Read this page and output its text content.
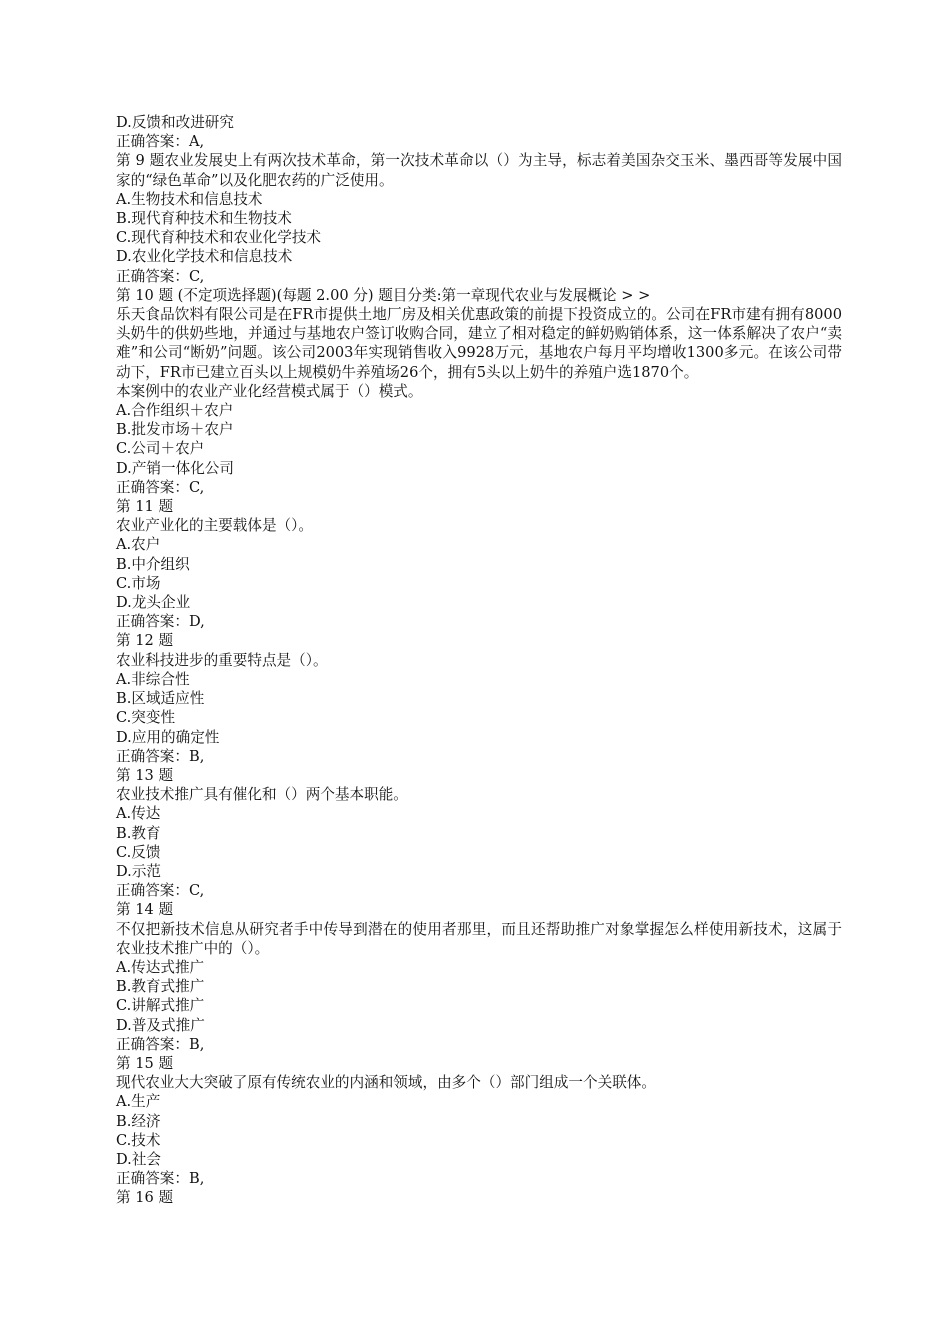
D.反馈和改进研究
正确答案：A,
第 9 题农业发展史上有两次技术革命，第一次技术革命以（）为主导，标志着美国杂交玉米、墨西哥等发展中国家的“绿色革命”以及化肥农药的广泛使用。
A.生物技术和信息技术
B.现代育种技术和生物技术
C.现代育种技术和农业化学技术
D.农业化学技术和信息技术
正确答案：C,
第 10 题 (不定项选择题)(每题 2.00 分) 题目分类:第一章现代农业与发展概论 > >
乐天食品饮料有限公司是在FR市提供土地厂房及相关优惠政策的前提下投资成立的。公司在FR市建有拥有8000头奶牛的供奶些地，并通过与基地农户签订收购合同，建立了相对稳定的鲜奶购销体系，这一体系解决了农户“卖难”和公司“断奶”问题。该公司2003年实现销售收入9928万元，基地农户每月平均增收1300多元。在该公司带动下，FR市已建立百头以上规模奶牛养殖场26个，拥有5头以上奶牛的养殖户选1870个。
本案例中的农业产业化经营模式属于（）模式。
A.合作组织＋农户
B.批发市场＋农户
C.公司＋农户
D.产销一体化公司
正确答案：C,
第 11 题
农业产业化的主要载体是（）。
A.农户
B.中介组织
C.市场
D.龙头企业
正确答案：D,
第 12 题
农业科技进步的重要特点是（）。
A.非综合性
B.区域适应性
C.突变性
D.应用的确定性
正确答案：B,
第 13 题
农业技术推广具有催化和（）两个基本职能。
A.传达
B.教育
C.反馈
D.示范
正确答案：C,
第 14 题
不仅把新技术信息从研究者手中传导到潜在的使用者那里，而且还帮助推广对象掌握怎么样使用新技术，这属于农业技术推广中的（）。
A.传达式推广
B.教育式推广
C.讲解式推广
D.普及式推广
正确答案：B,
第 15 题
现代农业大大突破了原有传统农业的内涵和领域，由多个（）部门组成一个关联体。
A.生产
B.经济
C.技术
D.社会
正确答案：B,
第 16 题
